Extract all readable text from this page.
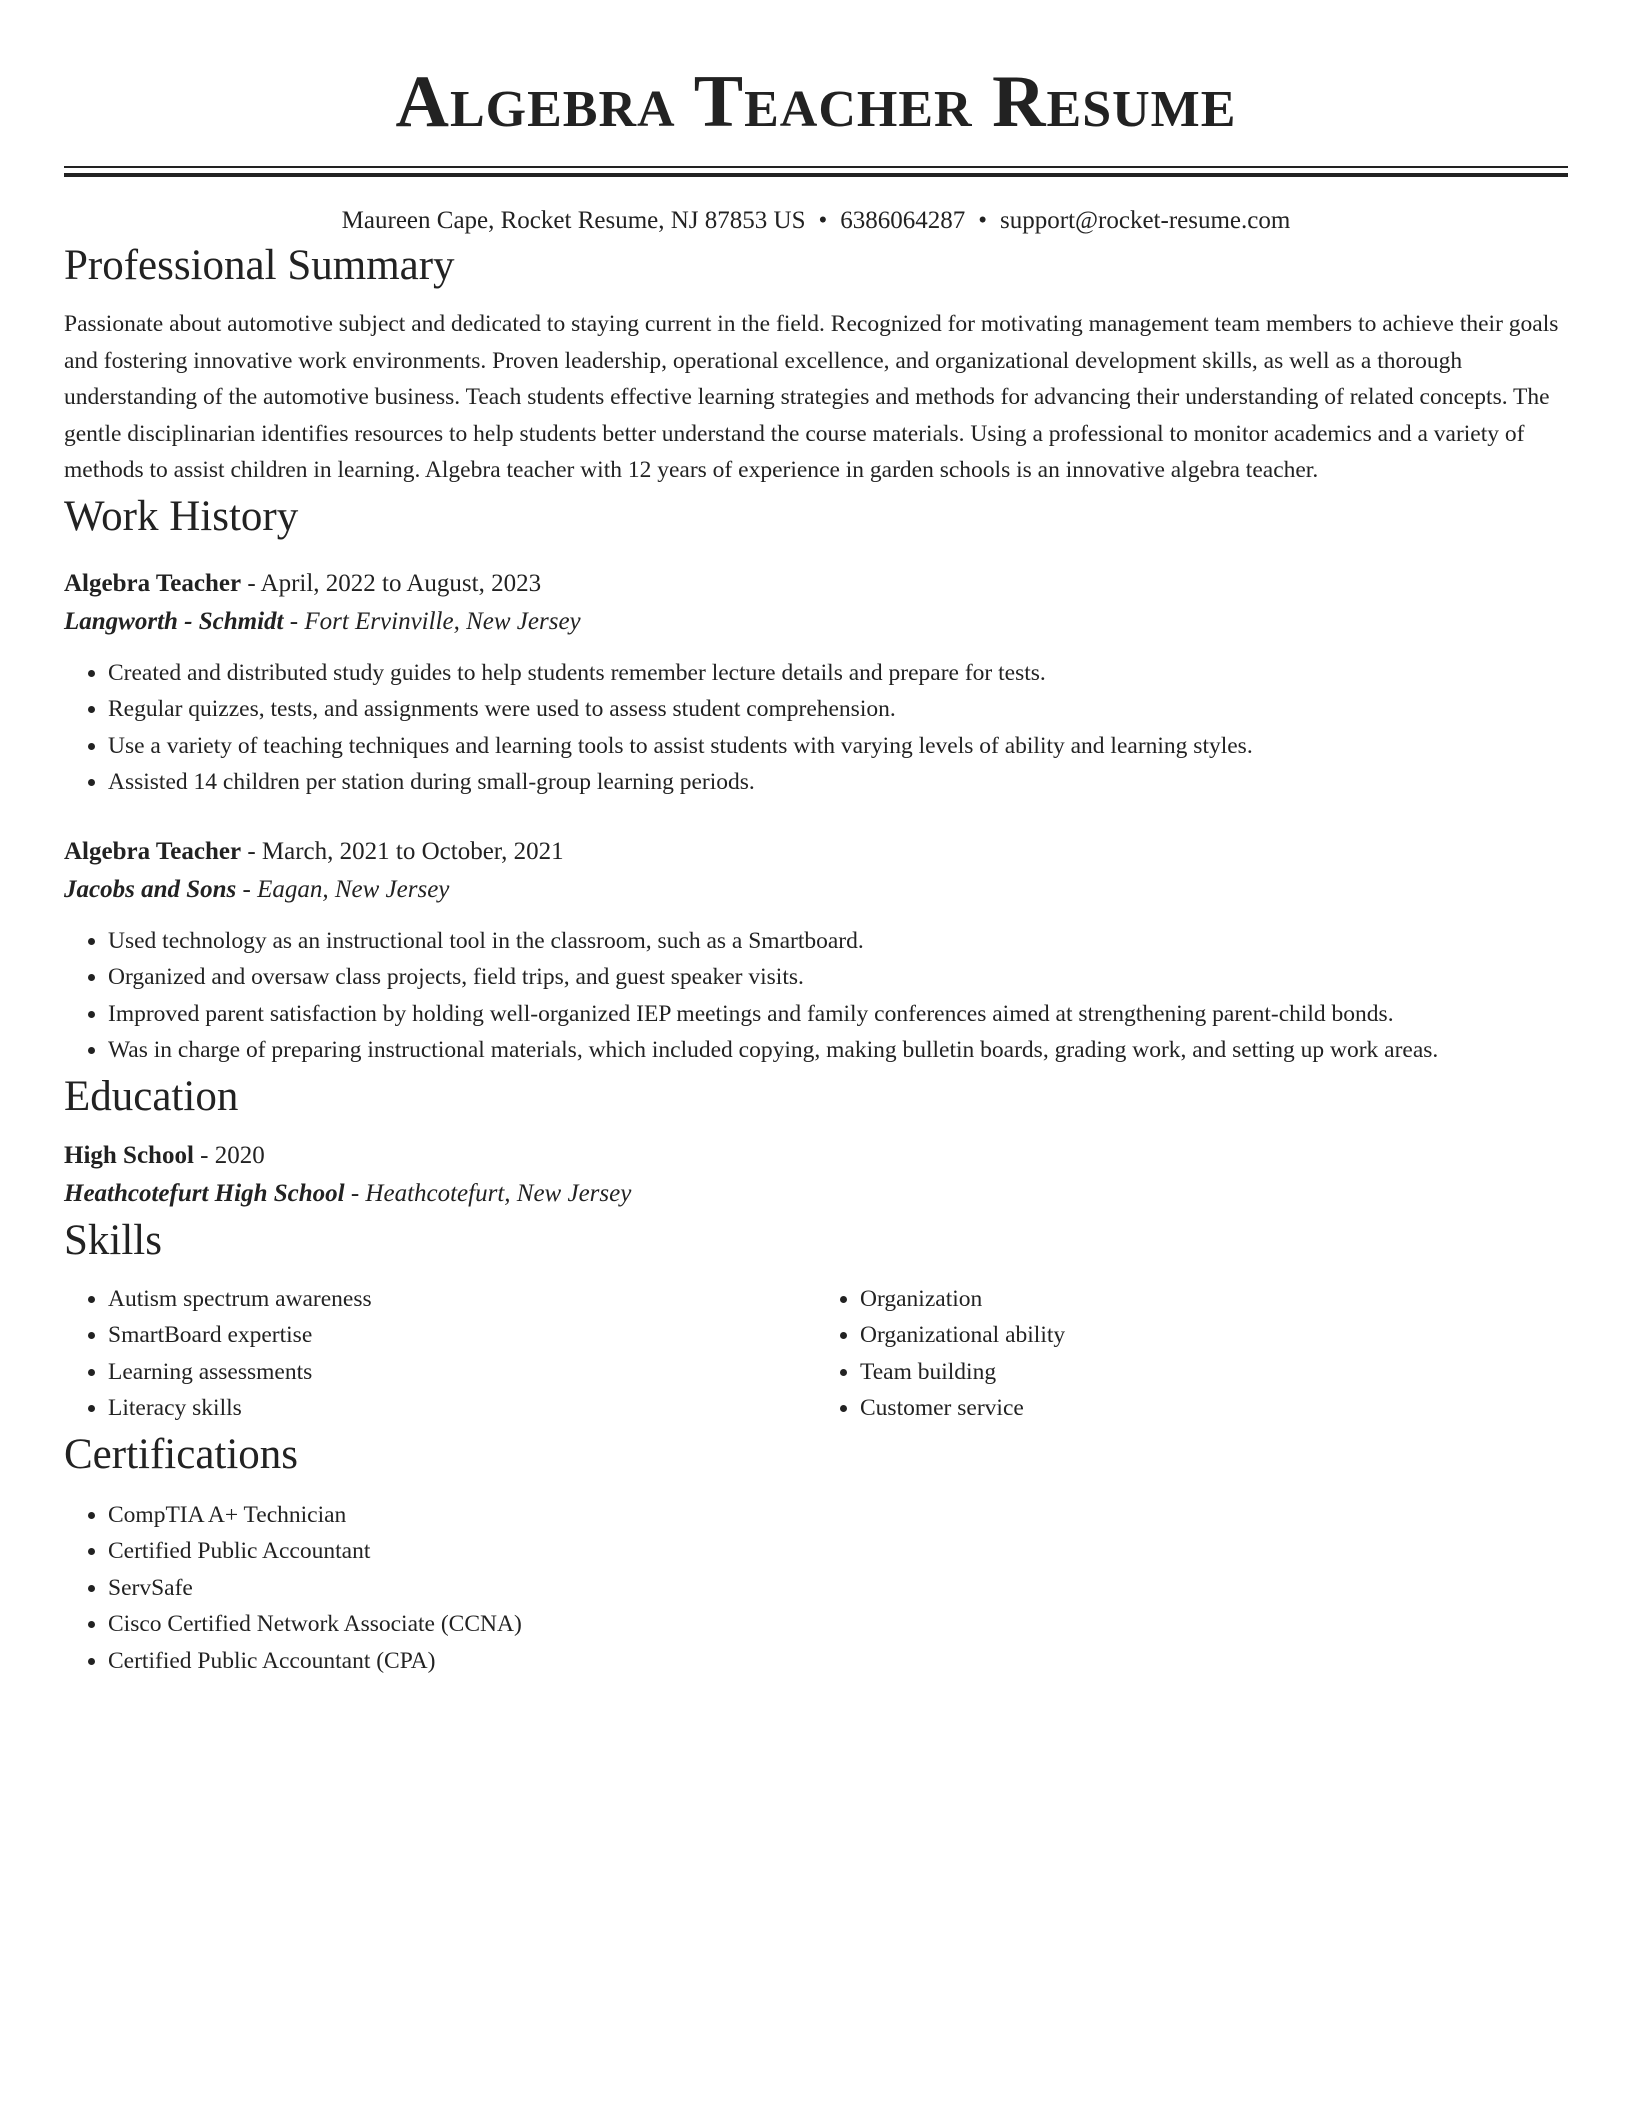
Algebra Teacher Resume
Maureen Cape, Rocket Resume, NJ 87853 US • 6386064287 • support@rocket-resume.com
Professional Summary
Passionate about automotive subject and dedicated to staying current in the field. Recognized for motivating management team members to achieve their goals and fostering innovative work environments. Proven leadership, operational excellence, and organizational development skills, as well as a thorough understanding of the automotive business. Teach students effective learning strategies and methods for advancing their understanding of related concepts. The gentle disciplinarian identifies resources to help students better understand the course materials. Using a professional to monitor academics and a variety of methods to assist children in learning. Algebra teacher with 12 years of experience in garden schools is an innovative algebra teacher.
Work History
Algebra Teacher - April, 2022 to August, 2023
Langworth - Schmidt - Fort Ervinville, New Jersey
• Created and distributed study guides to help students remember lecture details and prepare for tests.
• Regular quizzes, tests, and assignments were used to assess student comprehension.
• Use a variety of teaching techniques and learning tools to assist students with varying levels of ability and learning styles.
• Assisted 14 children per station during small-group learning periods.
Algebra Teacher - March, 2021 to October, 2021
Jacobs and Sons - Eagan, New Jersey
• Used technology as an instructional tool in the classroom, such as a Smartboard.
• Organized and oversaw class projects, field trips, and guest speaker visits.
• Improved parent satisfaction by holding well-organized IEP meetings and family conferences aimed at strengthening parent-child bonds.
• Was in charge of preparing instructional materials, which included copying, making bulletin boards, grading work, and setting up work areas.
Education
High School - 2020
Heathcotefurt High School - Heathcotefurt, New Jersey
Skills
• Autism spectrum awareness
• SmartBoard expertise
• Learning assessments
• Literacy skills
• Organization
• Organizational ability
• Team building
• Customer service
Certifications
• CompTIA A+ Technician
• Certified Public Accountant
• ServSafe
• Cisco Certified Network Associate (CCNA)
• Certified Public Accountant (CPA)
